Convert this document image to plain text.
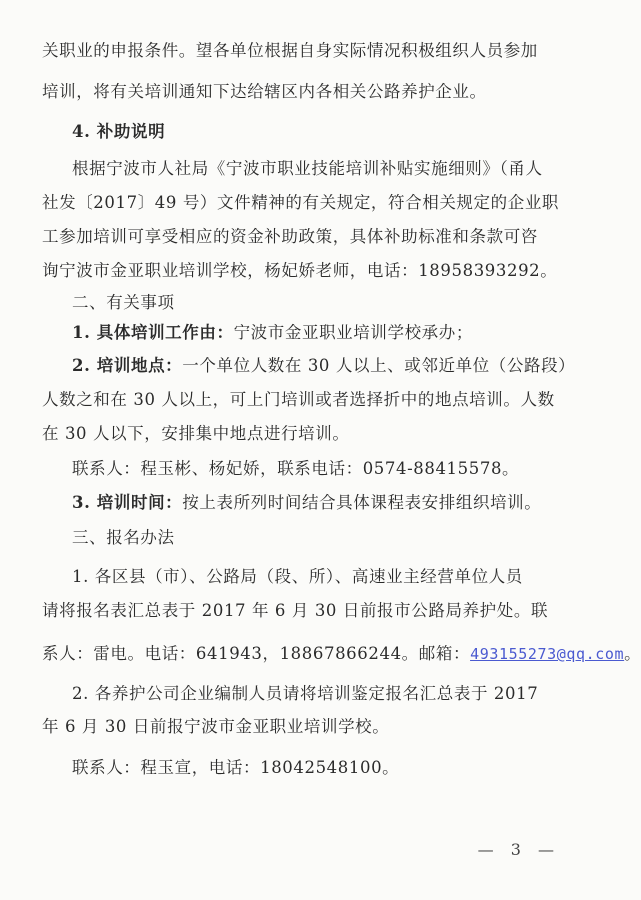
关职业的申报条件。望各单位根据自身实际情况积极组织人员参加
培训，将有关培训通知下达给辖区内各相关公路养护企业。
4. 补助说明
根据宁波市人社局《宁波市职业技能培训补贴实施细则》（甬人
社发〔2017〕49 号）文件精神的有关规定，符合相关规定的企业职
工参加培训可享受相应的资金补助政策，具体补助标准和条款可咨
询宁波市金亚职业培训学校，杨妃娇老师，电话：18958393292。
二、有关事项
1. 具体培训工作由：宁波市金亚职业培训学校承办；
2. 培训地点：一个单位人数在 30 人以上、或邻近单位（公路段）
人数之和在 30 人以上，可上门培训或者选择折中的地点培训。人数
在 30 人以下，安排集中地点进行培训。
联系人：程玉彬、杨妃娇，联系电话：0574-88415578。
3. 培训时间：按上表所列时间结合具体课程表安排组织培训。
三、报名办法
1. 各区县（市）、公路局（段、所）、高速业主经营单位人员
请将报名表汇总表于 2017 年 6 月 30 日前报市公路局养护处。联
系人：雷电。电话：641943，18867866244。邮箱：493155273@qq.com。
2. 各养护公司企业编制人员请将培训鉴定报名汇总表于 2017
年 6 月 30 日前报宁波市金亚职业培训学校。
联系人：程玉宣，电话：18042548100。
— 3 —
